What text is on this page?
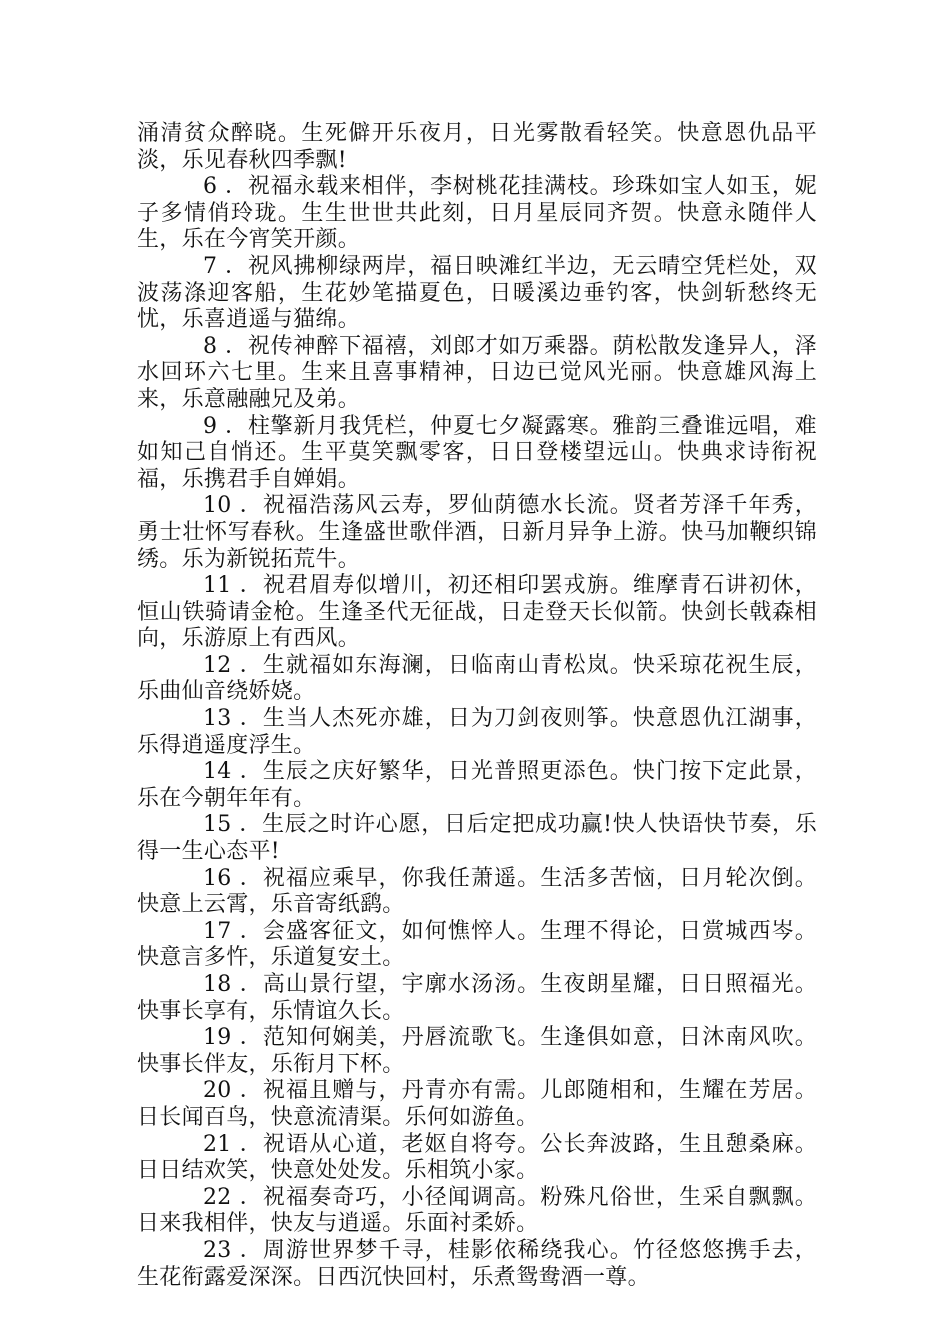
涌清贫众醉晓。生死僻开乐夜月，日光雾散看轻笑。快意恩仇品平淡，乐见春秋四季飘!

6 ．祝福永载来相伴，李树桃花挂满枝。珍珠如宝人如玉，妮子多情俏玲珑。生生世世共此刻，日月星辰同齐贺。快意永随伴人生，乐在今宵笑开颜。

7 ．祝风拂柳绿两岸，福日映滩红半边，无云晴空凭栏处，双波荡涤迎客船，生花妙笔描夏色，日暖溪边垂钓客，快剑斩愁终无忧，乐喜逍遥与猫绵。

8 ．祝传神醉下福禧，刘郎才如万乘器。荫松散发逢异人，泽水回环六七里。生来且喜事精神，日边已觉风光丽。快意雄风海上来，乐意融融兄及弟。

9 ．柱擎新月我凭栏，仲夏七夕凝露寒。雅韵三叠谁远唱，难如知己自悄还。生平莫笑飘零客，日日登楼望远山。快典求诗衔祝福，乐携君手自婵娟。

10 ．祝福浩荡风云寿，罗仙荫德水长流。贤者芳泽千年秀，勇士壮怀写春秋。生逢盛世歌伴酒，日新月异争上游。快马加鞭织锦绣。乐为新锐拓荒牛。

11 ．祝君眉寿似增川，初还相印罢戎旃。维摩青石讲初休，恒山铁骑请金枪。生逢圣代无征战，日走登天长似箭。快剑长戟森相向，乐游原上有西风。

12 ．生就福如东海澜，日临南山青松岚。快采琼花祝生辰，乐曲仙音绕娇娆。

13 ．生当人杰死亦雄，日为刀剑夜则筝。快意恩仇江湖事，乐得逍遥度浮生。

14 ．生辰之庆好繁华，日光普照更添色。快门按下定此景，乐在今朝年年有。

15 ．生辰之时许心愿，日后定把成功赢!快人快语快节奏，乐得一生心态平!

16 ．祝福应乘早，你我任萧遥。生活多苦恼，日月轮次倒。快意上云霄，乐音寄纸鹞。

17 ．会盛客征文，如何憔悴人。生理不得论，日赏城西岑。快意言多忤，乐道复安土。

18 ．高山景行望，宇廓水汤汤。生夜朗星耀，日日照福光。快事长享有，乐情谊久长。

19 ．范知何娴美，丹唇流歌飞。生逢俱如意，日沐南风吹。快事长伴友，乐衔月下杯。

20 ．祝福且赠与，丹青亦有需。儿郎随相和，生耀在芳居。日长闻百鸟，快意流清渠。乐何如游鱼。

21 ．祝语从心道，老妪自将夸。公长奔波路，生且憩桑麻。日日结欢笑，快意处处发。乐相筑小家。

22 ．祝福奏奇巧，小径闻调高。粉殊凡俗世，生采自飘飘。日来我相伴，快友与逍遥。乐面衬柔娇。

23 ．周游世界梦千寻，桂影依稀绕我心。竹径悠悠携手去，生花衔露爱深深。日西沉快回村，乐煮鸳鸯酒一尊。
